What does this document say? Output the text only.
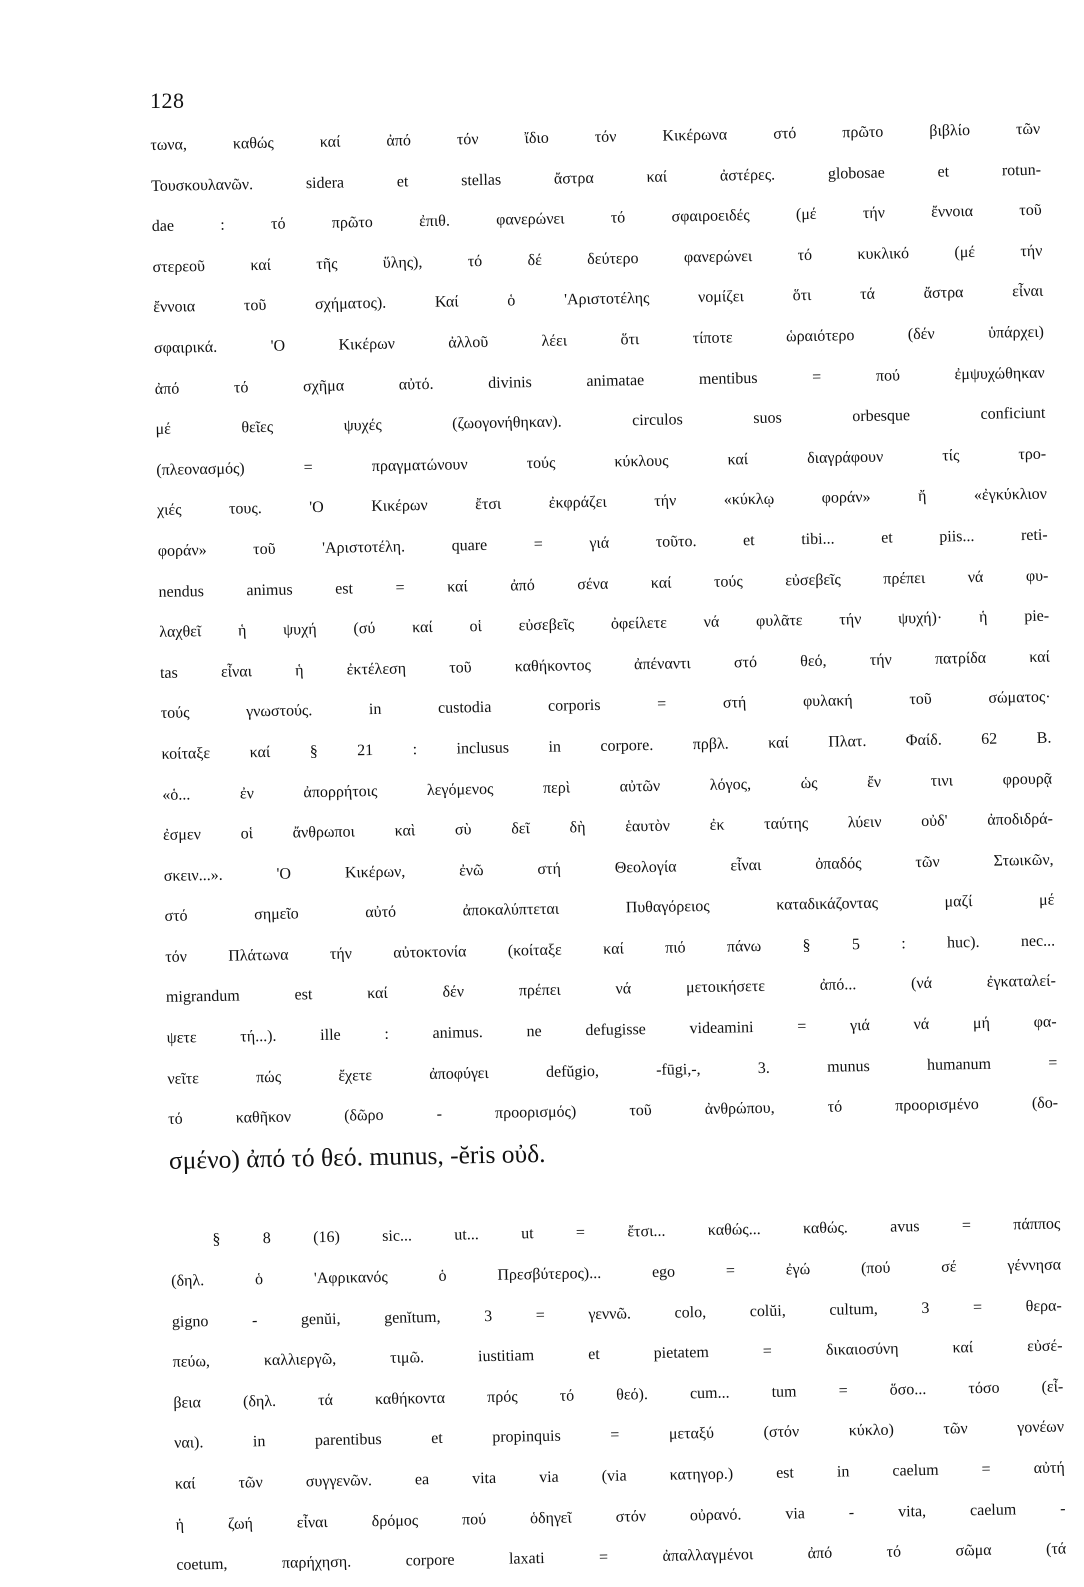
128
τωνα, καθώς καί ἀπό τόν ἴδιο τόν Κικέρωνα στό πρῶτο βιβλίο τῶν
Τουσκουλανῶν. sidera et stellas ἄστρα καί ἀστέρες. globosae et rotun-
dae : τό πρῶτο ἐπιθ. φανερώνει τό σφαιροειδές (μέ τήν ἔννοια τοῦ
στερεοῦ καί τῆς ὕλης), τό δέ δεύτερο φανερώνει τό κυκλικό (μέ τήν
ἔννοια τοῦ σχήματος). Καί ὁ 'Αριστοτέλης νομίζει ὅτι τά ἄστρα εἶναι
σφαιρικά. 'Ο Κικέρων ἀλλοῦ λέει ὅτι τίποτε ὡραιότερο (δέν ὑπάρχει)
ἀπό τό σχῆμα αὐτό. divinis animatae mentibus = πού ἐμψυχώθηκαν
μέ θεῖες ψυχές (ζωογονήθηκαν). circulos suos orbesque conficiunt
(πλεονασμός) = πραγματώνουν τούς κύκλους καί διαγράφουν τίς τρο-
χιές τους. 'Ο Κικέρων ἔτσι ἐκφράζει τήν «κύκλῳ φοράν» ἤ «ἐγκύκλιον
φοράν» τοῦ 'Αριστοτέλη. quare = γιά τοῦτο. et tibi... et piis... reti-
nendus animus est = καί ἀπό σένα καί τούς εὐσεβεῖς πρέπει νά φυ-
λαχθεῖ ἡ ψυχή (σύ καί οἱ εὐσεβεῖς ὀφείλετε νά φυλᾶτε τήν ψυχή)· ἡ pie-
tas εἶναι ἡ ἐκτέλεση τοῦ καθήκοντος ἀπέναντι στό θεό, τήν πατρίδα καί
τούς γνωστούς. in custodia corporis = στή φυλακή τοῦ σώματος·
κοίταξε καί § 21 : inclusus in corpore. πρβλ. καί Πλατ. Φαίδ. 62 Β.
«ὁ... ἐν ἀπορρήτοις λεγόμενος περὶ αὐτῶν λόγος, ὡς ἔν τινι φρουρᾷ
ἐσμεν οἱ ἄνθρωποι καὶ σὺ δεῖ δὴ ἑαυτὸν ἐκ ταύτης λύειν οὐδ' ἀποδιδρά-
σκειν...». 'Ο Κικέρων, ἐνῶ στή Θεολογία εἶναι ὀπαδός τῶν Στωικῶν,
στό σημεῖο αὐτό ἀποκαλύπτεται Πυθαγόρειος καταδικάζοντας μαζί μέ
τόν Πλάτωνα τήν αὐτοκτονία (κοίταξε καί πιό πάνω § 5 : huc). nec...
migrandum est καί δέν πρέπει νά μετοικήσετε ἀπό... (νά ἐγκαταλεί-
ψετε τή...). ille : animus. ne defugisse videamini = γιά νά μή φα-
νεῖτε πώς ἔχετε ἀποφύγει defŭgio, -fūgi,-, 3. munus humanum =
τό καθῆκον (δῶρο - προορισμός) τοῦ ἀνθρώπου, τό προορισμένο (δο-
σμένο) ἀπό τό θεό. munus, -ĕris οὐδ.
§ 8 (16) sic... ut... ut = ἔτσι... καθώς... καθώς. avus = πάππος
(δηλ. ὁ 'Αφρικανός ὁ Πρεσβύτερος)... ego = ἐγώ (πού σέ γέννησα
gigno - genŭi, genĭtum, 3 = γεννῶ. colo, colŭi, cultum, 3 = θερα-
πεύω, καλλιεργῶ, τιμῶ. iustitiam et pietatem = δικαιοσύνη καί εὐσέ-
βεια (δηλ. τά καθήκοντα πρός τό θεό). cum... tum = ὅσο... τόσο (εἶ-
ναι). in parentibus et propinquis = μεταξύ (στόν κύκλο) τῶν γονέων
καί τῶν συγγενῶν. ea vita via (via κατηγορ.) est in caelum = αὐτή
ἡ ζωή εἶναι δρόμος πού ὁδηγεῖ στόν οὐρανό. via - vita, caelum -
coetum, παρήχηση. corpore laxati = ἀπαλλαγμένοι ἀπό τό σῶμα (τά
